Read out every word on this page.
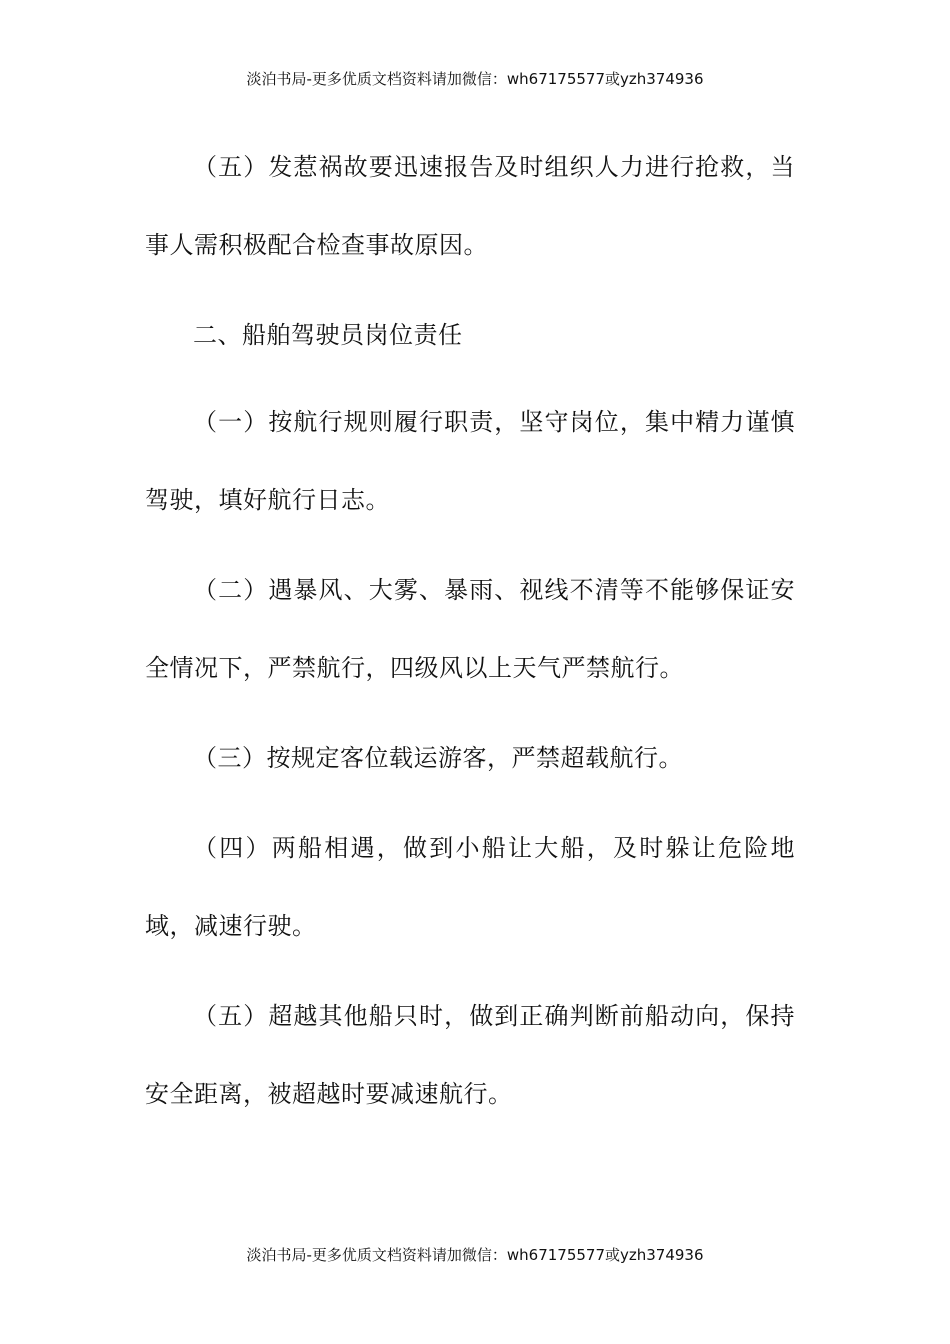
淡泊书局-更多优质文档资料请加微信：wh67175577或yzh374936

（五）发惹祸故要迅速报告及时组织人力进行抢救，当事人需积极配合检查事故原因。

二、船舶驾驶员岗位责任

（一）按航行规则履行职责，坚守岗位，集中精力谨慎驾驶，填好航行日志。

（二）遇暴风、大雾、暴雨、视线不清等不能够保证安全情况下，严禁航行，四级风以上天气严禁航行。

（三）按规定客位载运游客，严禁超载航行。

（四）两船相遇，做到小船让大船，及时躲让危险地域，减速行驶。

（五）超越其他船只时，做到正确判断前船动向，保持安全距离，被超越时要减速航行。

淡泊书局-更多优质文档资料请加微信：wh67175577或yzh374936
